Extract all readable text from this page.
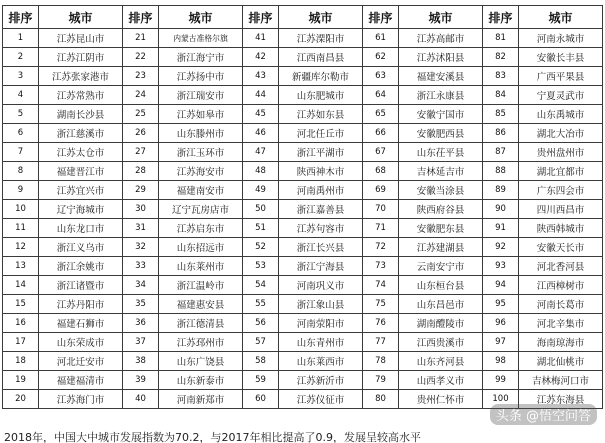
排序	城市	排序	城市	排序	城市	排序	城市	排序	城市
1	江苏昆山市	21	内蒙古准格尔旗	41	江苏溧阳市	61	江苏高邮市	81	河南永城市
2	江苏江阴市	22	浙江海宁市	42	江西南昌县	62	江苏沭阳县	82	安徽长丰县
3	江苏张家港市	23	江苏扬中市	43	新疆库尔勒市	63	福建安溪县	83	广西平果县
4	江苏常熟市	24	浙江瑞安市	44	山东肥城市	64	浙江永康县	84	宁夏灵武市
5	湖南长沙县	25	江苏如皋市	45	江苏如东县	65	安徽宁国市	85	山东禹城市
6	浙江慈溪市	26	山东滕州市	46	河北任丘市	66	安徽肥西县	86	湖北大冶市
7	江苏太仓市	27	浙江玉环市	47	浙江平湖市	67	山东茌平县	87	贵州盘州市
8	福建晋江市	28	江苏海安市	48	陕西神木市	68	吉林延吉市	88	湖北宜都市
9	江苏宜兴市	29	福建南安市	49	河南禹州市	69	安徽当涂县	89	广东四会市
10	辽宁海城市	30	辽宁瓦房店市	50	浙江嘉善县	70	陕西府谷县	90	四川西昌市
11	山东龙口市	31	江苏启东市	51	江苏句容市	71	安徽肥东县	91	陕西韩城市
12	浙江义乌市	32	山东招远市	52	浙江长兴县	72	江苏建湖县	92	安徽天长市
13	浙江余姚市	33	山东莱州市	53	浙江宁海县	73	云南安宁市	93	河北香河县
14	浙江诸暨市	34	浙江温岭市	54	河南巩义市	74	山东桓台县	94	江西樟树市
15	江苏丹阳市	35	福建惠安县	55	浙江象山县	75	山东昌邑市	95	河南长葛市
16	福建石狮市	36	浙江德清县	56	河南荥阳市	76	湖南醴陵市	96	河北辛集市
17	山东荣成市	37	江苏邳州市	57	山东青州市	77	江西贵溪市	97	海南琼海市
18	河北迁安市	38	山东广饶县	58	山东莱西市	78	山东齐河县	98	湖北仙桃市
19	福建福清市	39	山东新泰市	59	江苏新沂市	79	山西孝义市	99	吉林梅河口市
20	江苏海门市	40	河南新郑市	60	江苏仪征市	80	贵州仁怀市	100	江苏东海县
2018年，中国大中城市发展指数为70.2，与2017年相比提高了0.9，发展呈较高水平
头条 @悟空问答
